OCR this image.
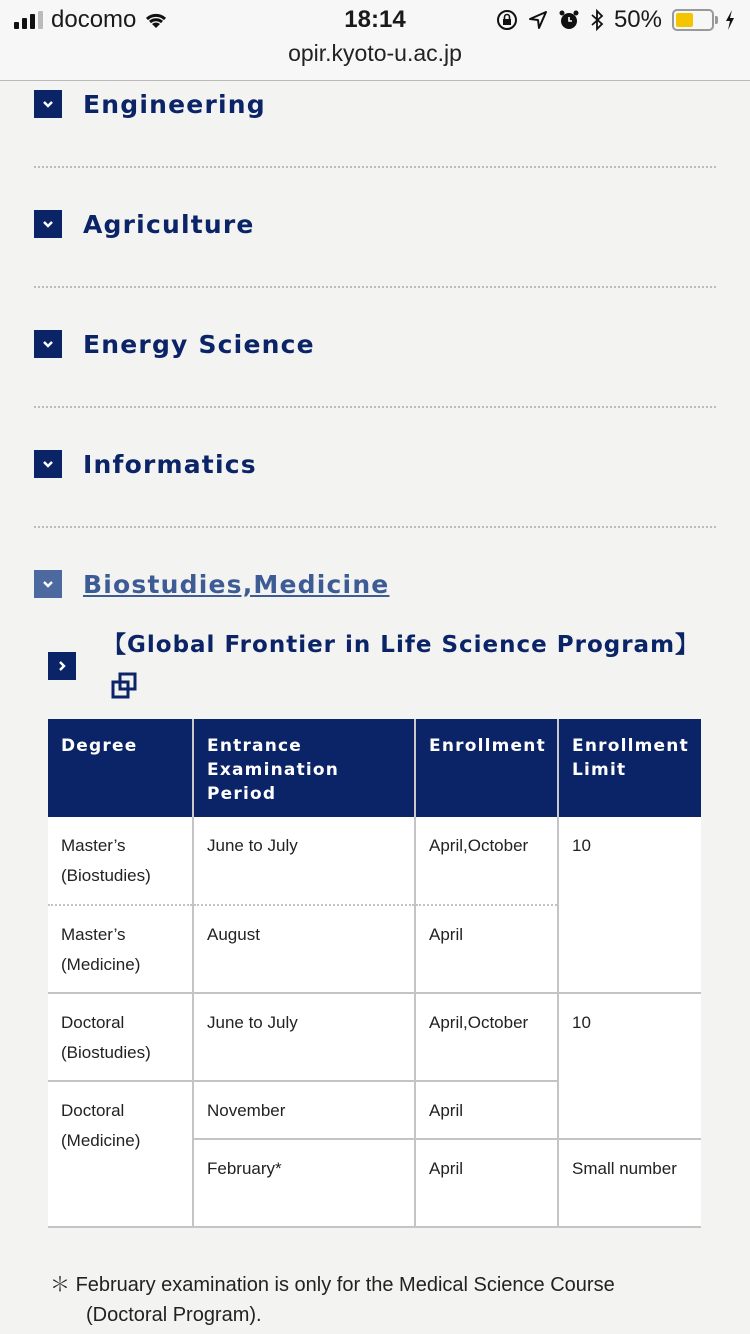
docomo	18:14	50%
opir.kyoto-u.ac.jp
Engineering
Agriculture
Energy Science
Informatics
Biostudies,Medicine
【Global Frontier in Life Science Program】
Degree	Entrance Examination Period	Enrollment	Enrollment Limit
Master’s (Biostudies)	June to July	April,October	10
Master’s (Medicine)	August	April	
Doctoral (Biostudies)	June to July	April,October	10
Doctoral (Medicine)	November	April	
	February*	April	Small number
＊ February examination is only for the Medical Science Course
(Doctoral Program).
